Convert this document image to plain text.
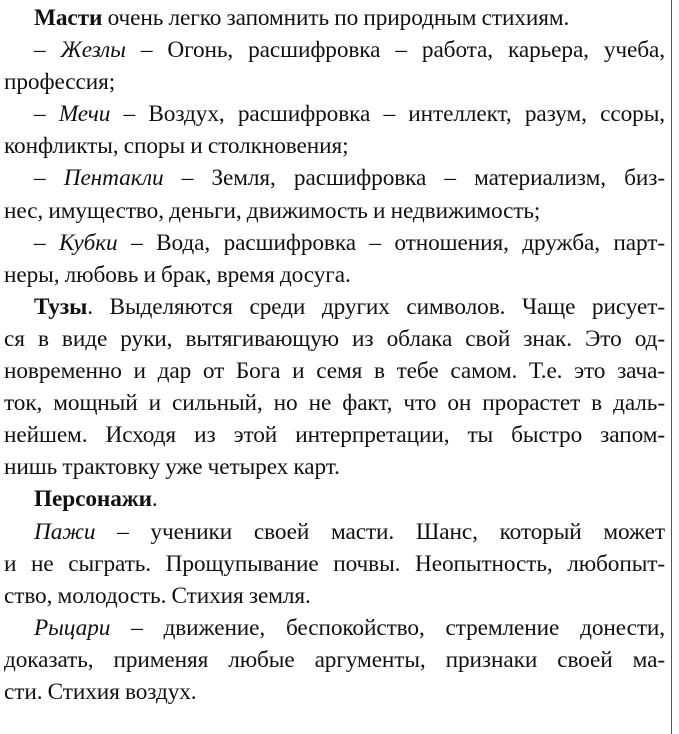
Масти очень легко запомнить по природным стихиям.
– Жезлы – Огонь, расшифровка – работа, карьера, учеба,
профессия;
– Мечи – Воздух, расшифровка – интеллект, разум, ссоры,
конфликты, споры и столкновения;
– Пентакли – Земля, расшифровка – материализм, биз-
нес, имущество, деньги, движимость и недвижимость;
– Кубки – Вода, расшифровка – отношения, дружба, парт-
неры, любовь и брак, время досуга.
Тузы. Выделяются среди других символов. Чаще рисует-
ся в виде руки, вытягивающую из облака свой знак. Это од-
новременно и дар от Бога и семя в тебе самом. Т.е. это зача-
ток, мощный и сильный, но не факт, что он прорастет в даль-
нейшем. Исходя из этой интерпретации, ты быстро запом-
нишь трактовку уже четырех карт.
Персонажи.
Пажи – ученики своей масти. Шанс, который может
и не сыграть. Прощупывание почвы. Неопытность, любопыт-
ство, молодость. Стихия земля.
Рыцари – движение, беспокойство, стремление донести,
доказать, применяя любые аргументы, признаки своей ма-
сти. Стихия воздух.
